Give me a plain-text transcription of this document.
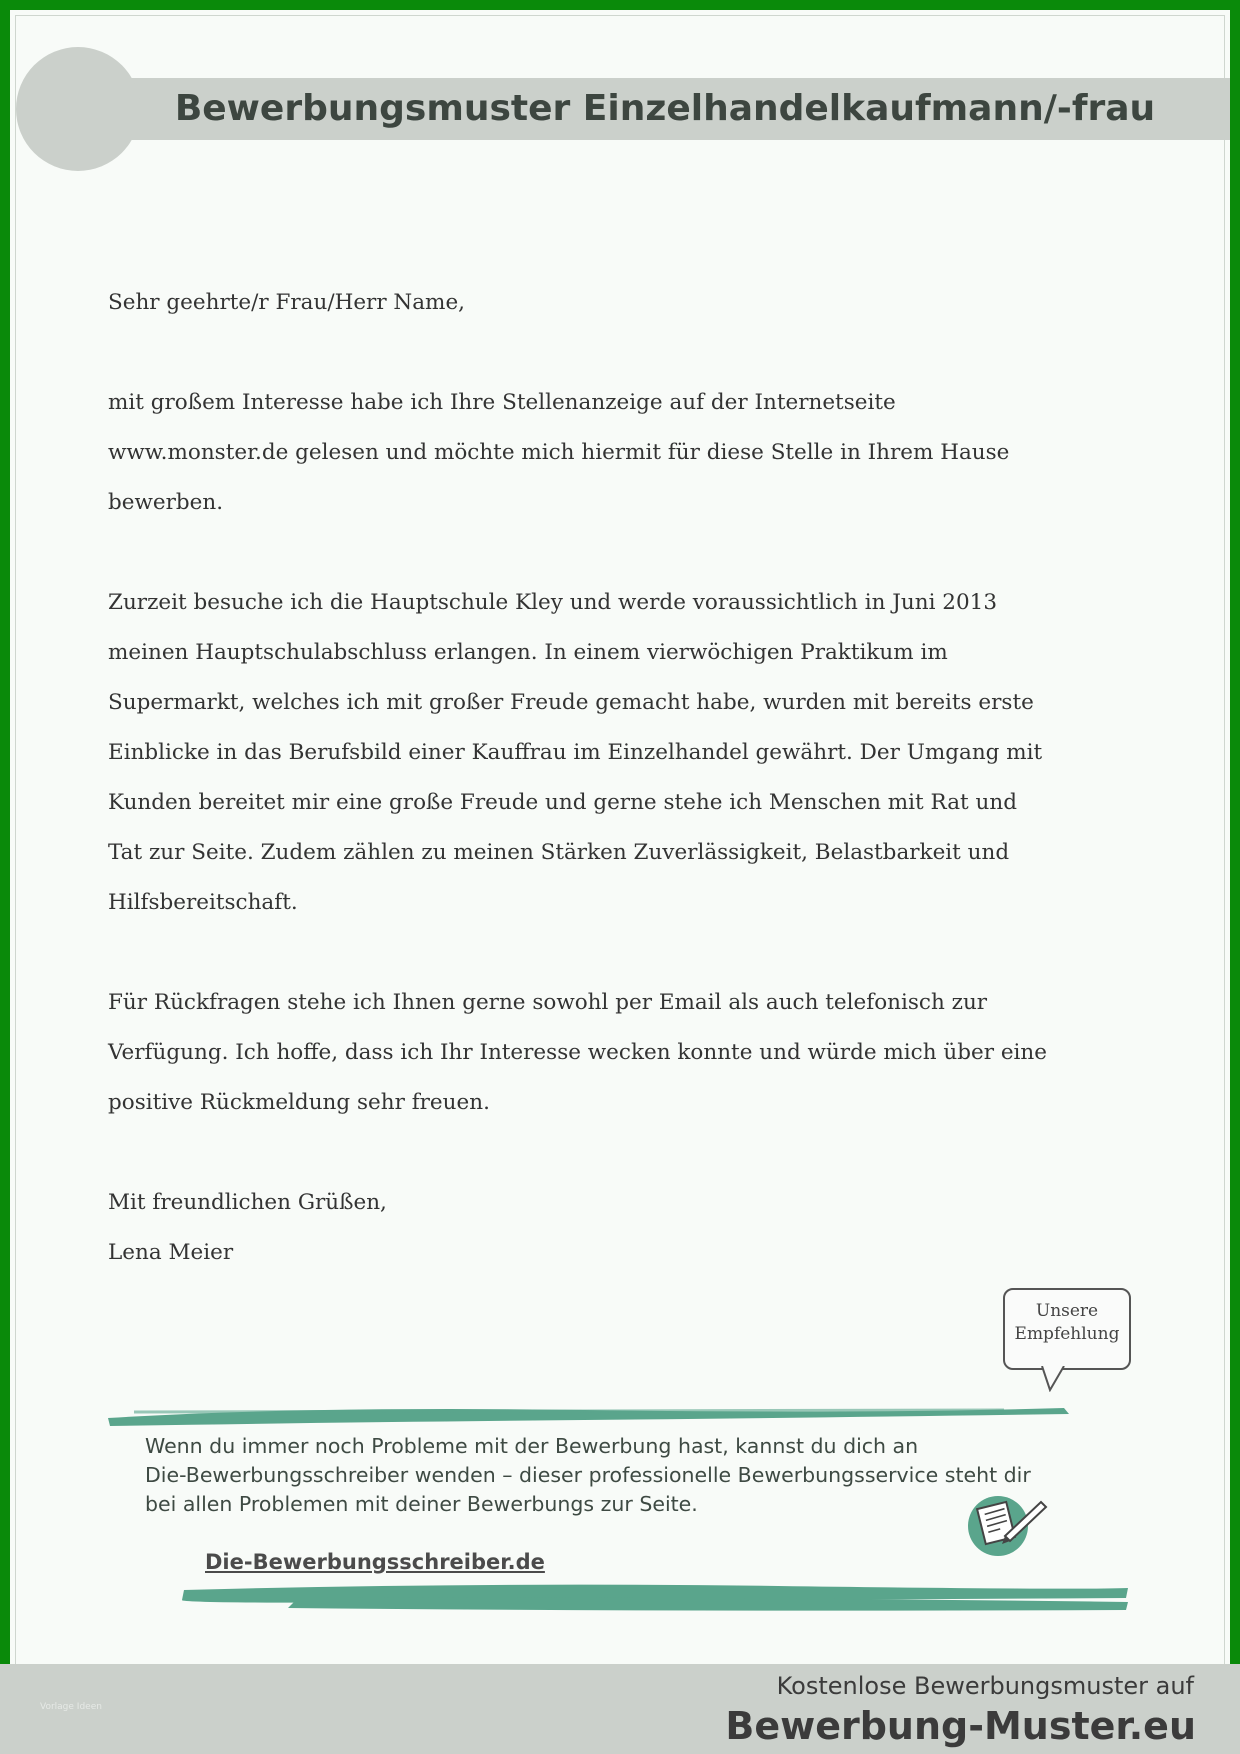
Bewerbungsmuster Einzelhandelkaufmann/-frau

Sehr geehrte/r Frau/Herr Name,

mit großem Interesse habe ich Ihre Stellenanzeige auf der Internetseite

www.monster.de gelesen und möchte mich hiermit für diese Stelle in Ihrem Hause

bewerben.

Zurzeit besuche ich die Hauptschule Kley und werde voraussichtlich in Juni 2013

meinen Hauptschulabschluss erlangen. In einem vierwöchigen Praktikum im

Supermarkt, welches ich mit großer Freude gemacht habe, wurden mit bereits erste

Einblicke in das Berufsbild einer Kauffrau im Einzelhandel gewährt. Der Umgang mit

Kunden bereitet mir eine große Freude und gerne stehe ich Menschen mit Rat und

Tat zur Seite. Zudem zählen zu meinen Stärken Zuverlässigkeit, Belastbarkeit und

Hilfsbereitschaft.

Für Rückfragen stehe ich Ihnen gerne sowohl per Email als auch telefonisch zur

Verfügung. Ich hoffe, dass ich Ihr Interesse wecken konnte und würde mich über eine

positive Rückmeldung sehr freuen.

Mit freundlichen Grüßen,

Lena Meier

Unsere
Empfehlung
Wenn du immer noch Probleme mit der Bewerbung hast, kannst du dich an
Die-Bewerbungsschreiber wenden – dieser professionelle Bewerbungsservice steht dir
bei allen Problemen mit deiner Bewerbungs zur Seite.
Die-Bewerbungsschreiber.de
Vorlage Ideen
Kostenlose Bewerbungsmuster auf
Bewerbung-Muster.eu
